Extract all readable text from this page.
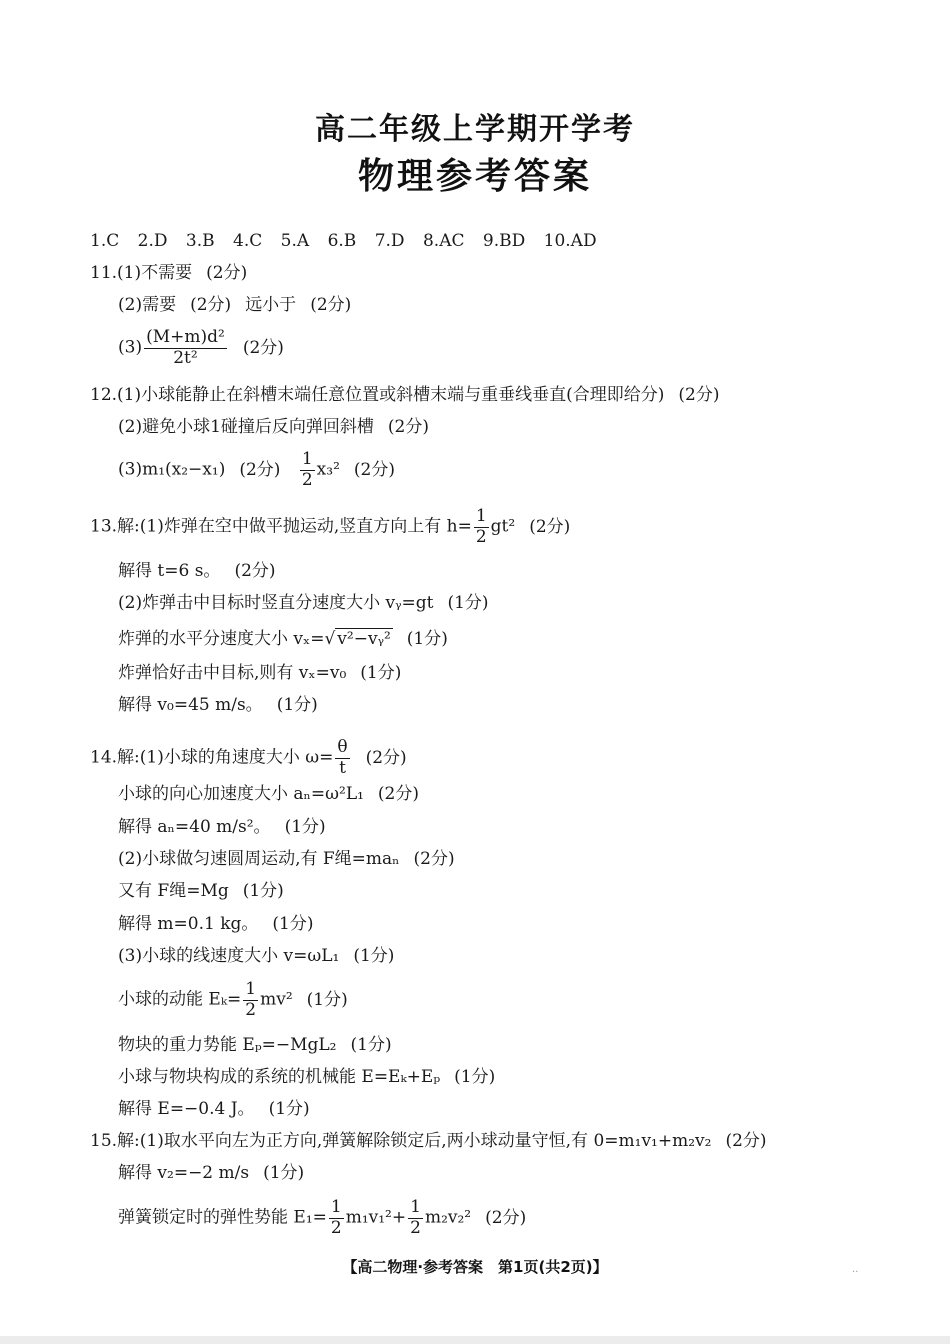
高二年级上学期开学考
物理参考答案
1.C 2.D 3.B 4.C 5.A 6.B 7.D 8.AC 9.BD 10.AD
11.(1)不需要 (2分)
(2)需要 (2分) 远小于 (2分)
$(3) \frac{\text{(M+m)d²}}{\text{2t²}} (2$分)
12.(1)小球能静止在斜槽末端任意位置或斜槽末端与重垂线垂直(合理即给分) (2分)
(2)避免小球1碰撞后反向弹回斜槽 (2分)
(3)m₁(x₂−x₁) (2分) $\frac{1}{2} x_3^2$ (2分)
13.解:(1)炸弹在空中做平抛运动,竖直方向上有 $h= \frac{1}{2} gt^2$ (2分)
解得 t=6 s。 (2分)
(2)炸弹击中目标时竖直分速度大小 vᵧ=gt (1分)
炸弹的水平分速度大小 vₓ=√ v²−vᵧ² (1分)
炸弹恰好击中目标,则有 vₓ=v₀ (1分)
解得 v₀=45 m/s。 (1分)
14.解:(1)小球的角速度大小 $\omega= \frac{\theta}{t} (2$分)
小球的向心加速度大小 aₙ=ω²L₁ (2分)
解得 aₙ=40 m/s²。 (1分)
(2)小球做匀速圆周运动,有 F绳=maₙ (2分)
又有 F绳=Mg (1分)
解得 m=0.1 kg。 (1分)
(3)小球的线速度大小 v=ωL₁ (1分)
小球的动能 $E_k= \frac{1}{2} mv^2$ (1分)
物块的重力势能 Eₚ=−MgL₂ (1分)
小球与物块构成的系统的机械能 E=Eₖ+Eₚ (1分)
解得 E=−0.4 J。 (1分)
15.解:(1)取水平向左为正方向,弹簧解除锁定后,两小球动量守恒,有 0=m₁v₁+m₂v₂ (2分)
解得 v₂=−2 m/s (1分)
弹簧锁定时的弹性势能 $E_1= \frac{1}{2} m_1v_1^2+ \frac{1}{2} m_2v_2^2$ (2分)
【高二物理·参考答案　第1页(共2页)】	..
